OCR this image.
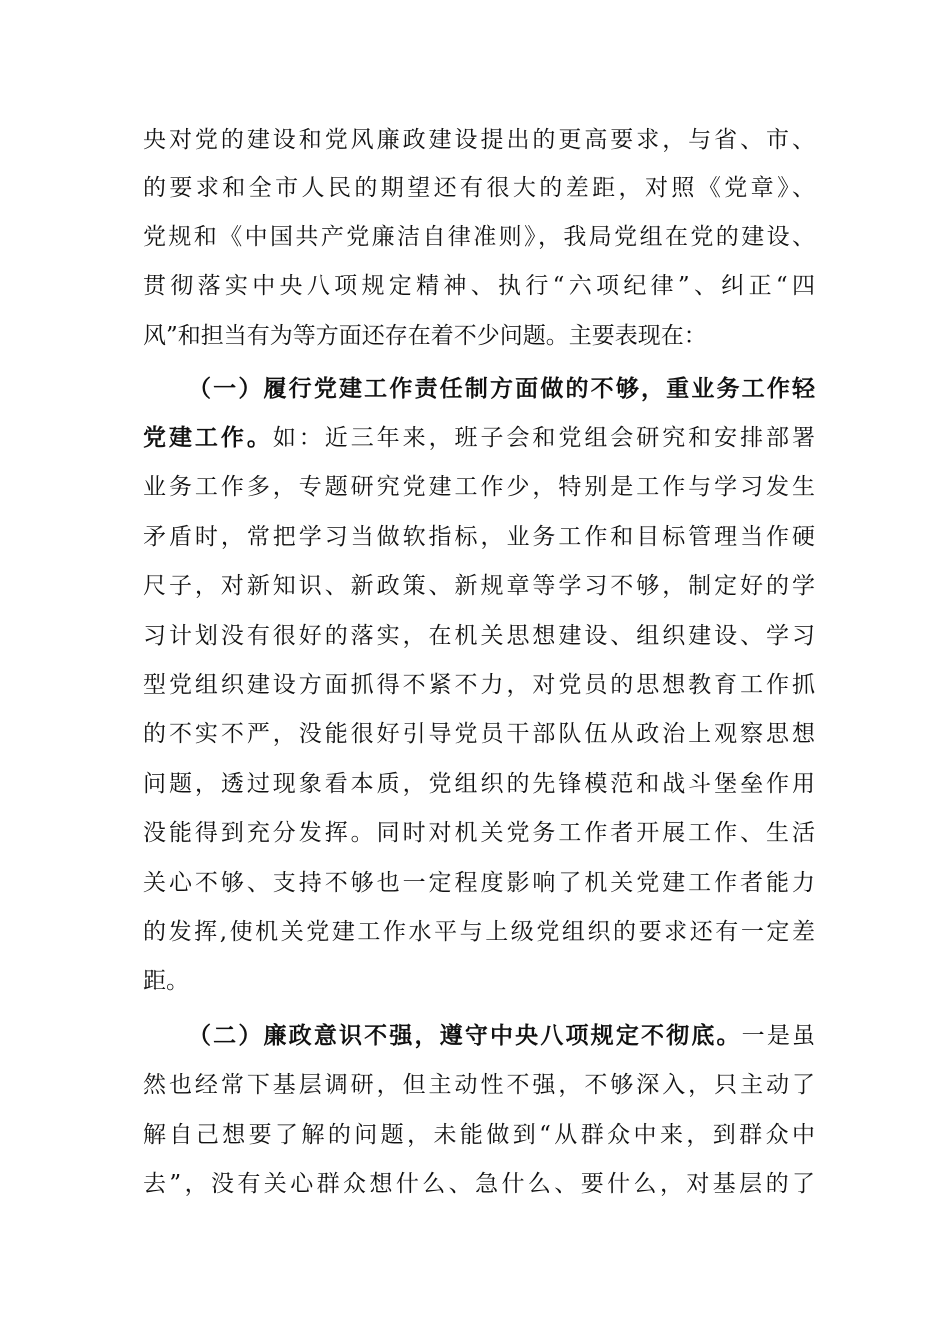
央对党的建设和党风廉政建设提出的更高要求，与省、市、
的要求和全市人民的期望还有很大的差距，对照《党章》、
党规和《中国共产党廉洁自律准则》，我局党组在党的建设、
贯彻落实中央八项规定精神、执行“六项纪律”、纠正“四
风”和担当有为等方面还存在着不少问题。主要表现在：
（一）履行党建工作责任制方面做的不够，重业务工作轻
党建工作。如：近三年来，班子会和党组会研究和安排部署
业务工作多，专题研究党建工作少，特别是工作与学习发生
矛盾时，常把学习当做软指标，业务工作和目标管理当作硬
尺子，对新知识、新政策、新规章等学习不够，制定好的学
习计划没有很好的落实，在机关思想建设、组织建设、学习
型党组织建设方面抓得不紧不力，对党员的思想教育工作抓
的不实不严，没能很好引导党员干部队伍从政治上观察思想
问题，透过现象看本质，党组织的先锋模范和战斗堡垒作用
没能得到充分发挥。同时对机关党务工作者开展工作、生活
关心不够、支持不够也一定程度影响了机关党建工作者能力
的发挥,使机关党建工作水平与上级党组织的要求还有一定差
距。
（二）廉政意识不强，遵守中央八项规定不彻底。一是虽
然也经常下基层调研，但主动性不强，不够深入，只主动了
解自己想要了解的问题，未能做到“从群众中来，到群众中
去”，没有关心群众想什么、急什么、要什么，对基层的了
